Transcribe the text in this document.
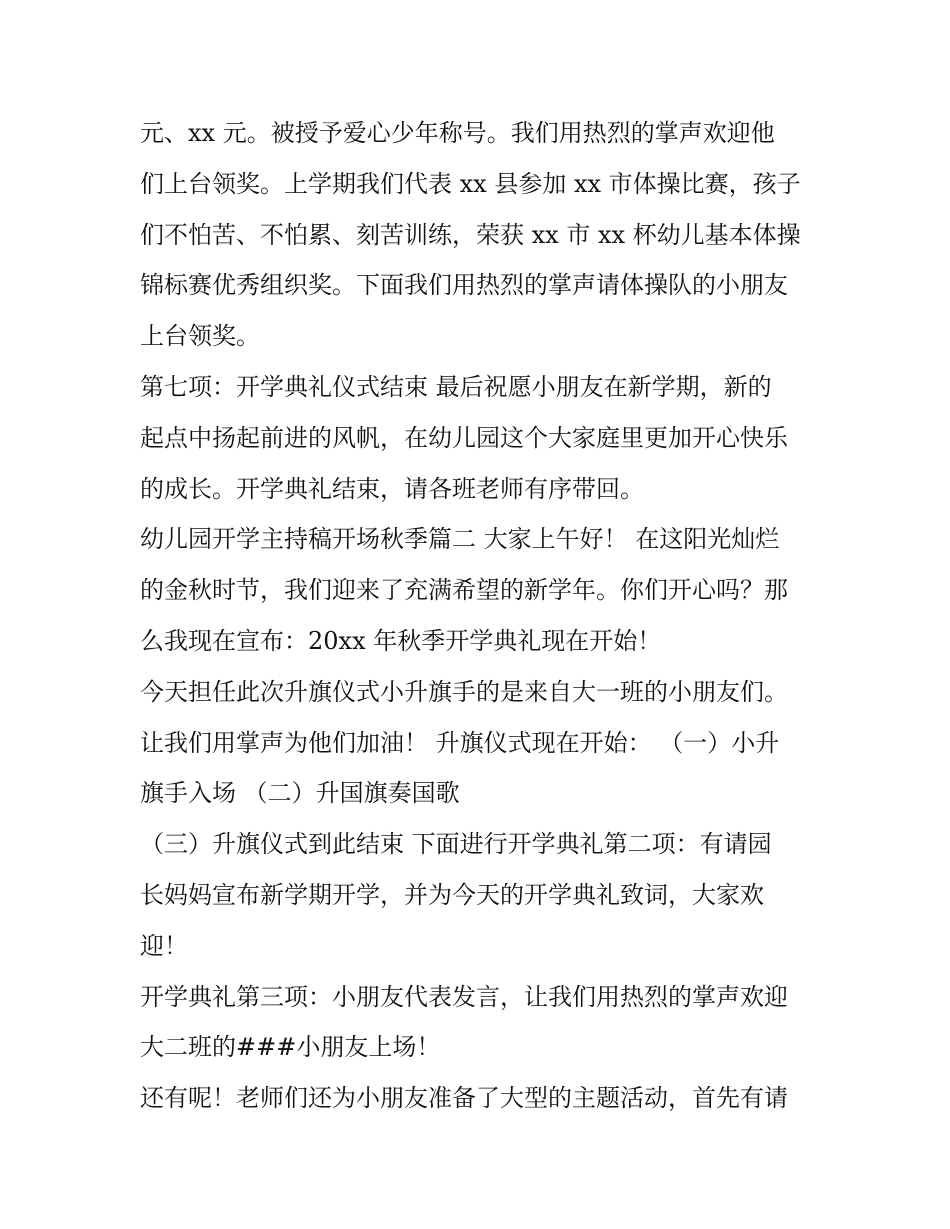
元、xx 元。被授予爱心少年称号。我们用热烈的掌声欢迎他
们上台领奖。上学期我们代表 xx 县参加 xx 市体操比赛，孩子
们不怕苦、不怕累、刻苦训练，荣获 xx 市 xx 杯幼儿基本体操
锦标赛优秀组织奖。下面我们用热烈的掌声请体操队的小朋友
上台领奖。
第七项：开学典礼仪式结束 最后祝愿小朋友在新学期，新的
起点中扬起前进的风帆，在幼儿园这个大家庭里更加开心快乐
的成长。开学典礼结束，请各班老师有序带回。
幼儿园开学主持稿开场秋季篇二 大家上午好！ 在这阳光灿烂
的金秋时节，我们迎来了充满希望的新学年。你们开心吗？那
么我现在宣布：20xx 年秋季开学典礼现在开始！
今天担任此次升旗仪式小升旗手的是来自大一班的小朋友们。
让我们用掌声为他们加油！ 升旗仪式现在开始： （一）小升
旗手入场 （二）升国旗奏国歌
（三）升旗仪式到此结束 下面进行开学典礼第二项：有请园
长妈妈宣布新学期开学，并为今天的开学典礼致词，大家欢
迎！
开学典礼第三项：小朋友代表发言，让我们用热烈的掌声欢迎
大二班的###小朋友上场！
还有呢！老师们还为小朋友准备了大型的主题活动，首先有请
